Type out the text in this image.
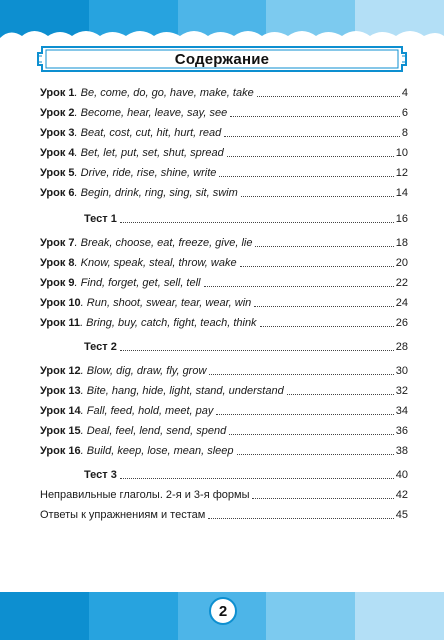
Содержание
Урок 1 . Be, come, do, go, have, make, take	4
Урок 2 . Become, hear, leave, say, see	6
Урок 3 . Beat, cost, cut, hit, hurt, read	8
Урок 4 . Bet, let, put, set, shut, spread	10
Урок 5 . Drive, ride, rise, shine, write	12
Урок 6 . Begin, drink, ring, sing, sit, swim	14
Тест 1	16
Урок 7 . Break, choose, eat, freeze, give, lie	18
Урок 8 . Know, speak, steal, throw, wake	20
Урок 9 . Find, forget, get, sell, tell	22
Урок 10 . Run, shoot, swear, tear, wear, win	24
Урок 11 . Bring, buy, catch, fight, teach, think	26
Тест 2	28
Урок 12 . Blow, dig, draw, fly, grow	30
Урок 13 . Bite, hang, hide, light, stand, understand	32
Урок 14 . Fall, feed, hold, meet, pay	34
Урок 15 . Deal, feel, lend, send, spend	36
Урок 16 . Build, keep, lose, mean, sleep	38
Тест 3	40
Неправильные глаголы. 2-я и 3-я формы	42
Ответы к упражнениям и тестам	45
2
